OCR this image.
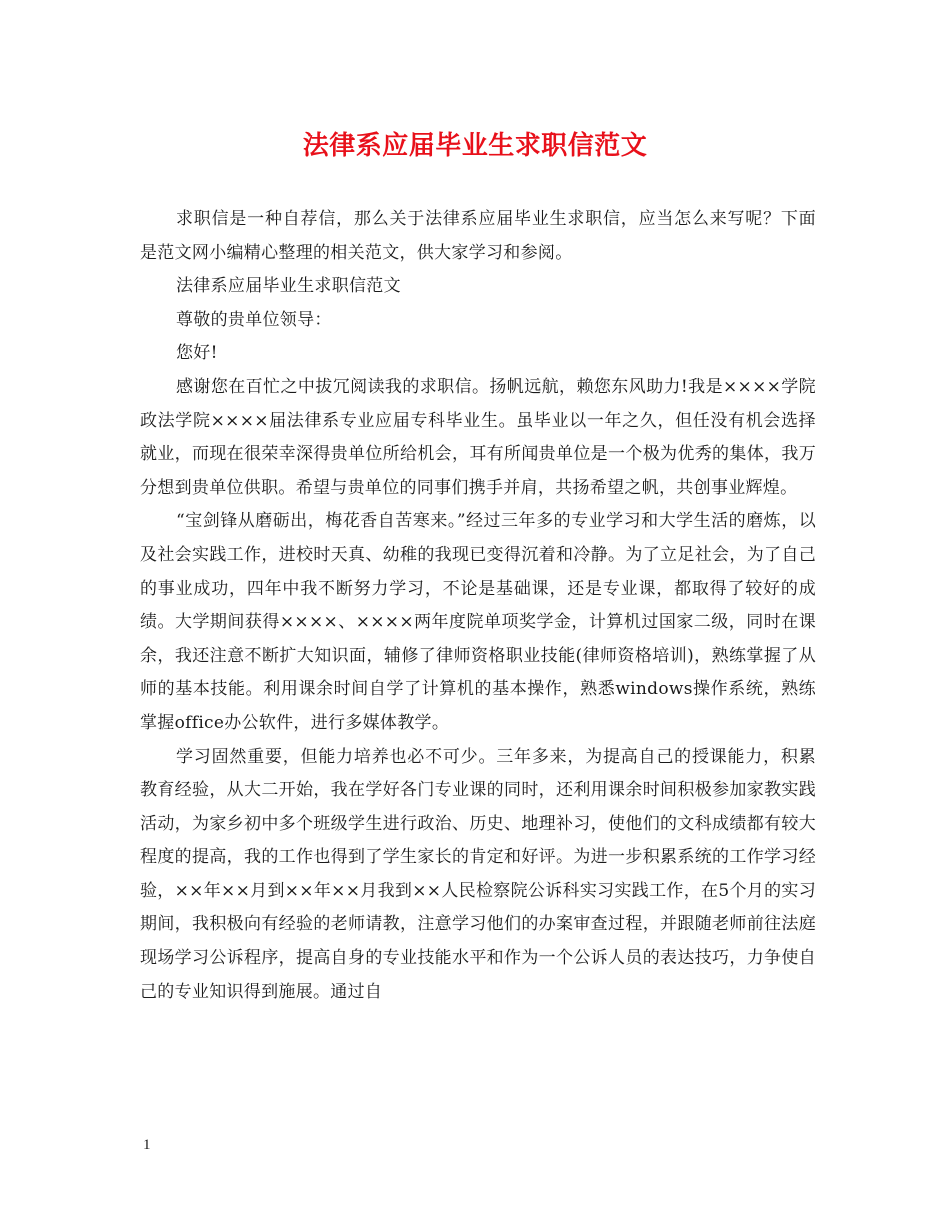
法律系应届毕业生求职信范文

求职信是一种自荐信，那么关于法律系应届毕业生求职信，应当怎么来写呢？下面是范文网小编精心整理的相关范文，供大家学习和参阅。

法律系应届毕业生求职信范文

尊敬的贵单位领导：

您好!

感谢您在百忙之中拔冗阅读我的求职信。扬帆远航，赖您东风助力!我是××××学院政法学院××××届法律系专业应届专科毕业生。虽毕业以一年之久，但任没有机会选择就业，而现在很荣幸深得贵单位所给机会，耳有所闻贵单位是一个极为优秀的集体，我万分想到贵单位供职。希望与贵单位的同事们携手并肩，共扬希望之帆，共创事业辉煌。

“宝剑锋从磨砺出，梅花香自苦寒来。”经过三年多的专业学习和大学生活的磨炼，以及社会实践工作，进校时天真、幼稚的我现已变得沉着和冷静。为了立足社会，为了自己的事业成功，四年中我不断努力学习，不论是基础课，还是专业课，都取得了较好的成绩。大学期间获得××××、××××两年度院单项奖学金，计算机过国家二级，同时在课余，我还注意不断扩大知识面，辅修了律师资格职业技能(律师资格培训)，熟练掌握了从师的基本技能。利用课余时间自学了计算机的基本操作，熟悉windows操作系统，熟练掌握office办公软件，进行多媒体教学。

学习固然重要，但能力培养也必不可少。三年多来，为提高自己的授课能力，积累教育经验，从大二开始，我在学好各门专业课的同时，还利用课余时间积极参加家教实践活动，为家乡初中多个班级学生进行政治、历史、地理补习，使他们的文科成绩都有较大程度的提高，我的工作也得到了学生家长的肯定和好评。为进一步积累系统的工作学习经验，××年××月到××年××月我到××人民检察院公诉科实习实践工作，在5个月的实习期间，我积极向有经验的老师请教，注意学习他们的办案审查过程，并跟随老师前往法庭现场学习公诉程序，提高自身的专业技能水平和作为一个公诉人员的表达技巧，力争使自己的专业知识得到施展。通过自

1
